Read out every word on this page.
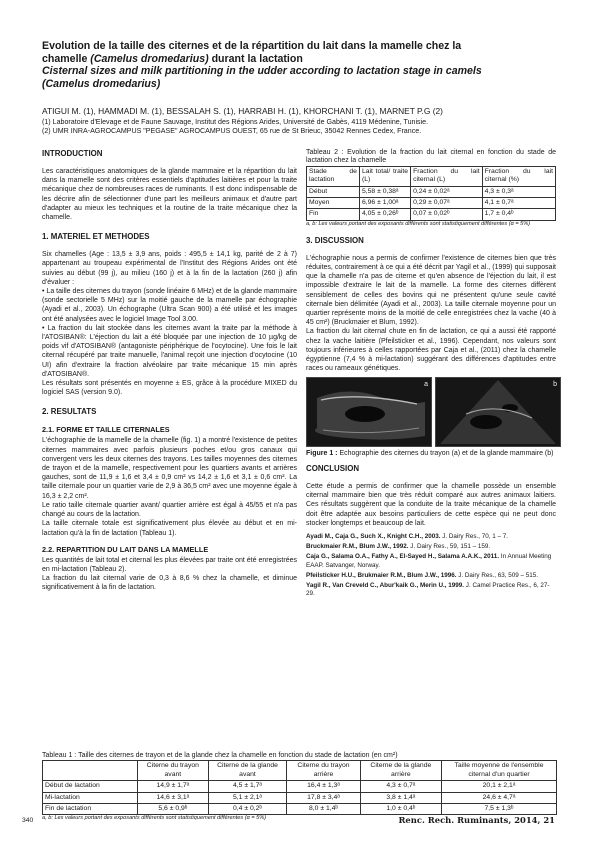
Evolution de la taille des citernes et de la répartition du lait dans la mamelle chez la
chamelle (Camelus dromedarius) durant la lactation
Cisternal sizes and milk partitioning in the udder according to lactation stage in camels
(Camelus dromedarius)
ATIGUI M. (1), HAMMADI M. (1), BESSALAH S. (1), HARRABI H. (1), KHORCHANI T. (1), MARNET P.G (2)
(1) Laboratoire d'Elevage et de Faune Sauvage, Institut des Régions Arides, Université de Gabès, 4119 Médenine, Tunisie.
(2) UMR INRA-AGROCAMPUS "PEGASE" AGROCAMPUS OUEST, 65 rue de St Brieuc, 35042 Rennes Cedex, France.
INTRODUCTION

Les caractéristiques anatomiques de la glande mammaire et la répartition du lait dans la mamelle sont des critères essentiels d'aptitudes laitières et pour la traite mécanique chez de nombreuses races de ruminants. Il est donc indispensable de les décrire afin de sélectionner d'une part les meilleurs animaux et d'autre part d'adapter au mieux les techniques et la routine de la traite mécanique chez la chamelle.

1. MATERIEL ET METHODES

Six chamelles (Age : 13,5 ± 3,9 ans, poids : 495,5 ± 14,1 kg, parité de 2 à 7) appartenant au troupeau expérimental de l'Institut des Régions Arides ont été suivies au début (99 j), au milieu (160 j) et à la fin de la lactation (260 j) afin d'évaluer :

• La taille des citernes du trayon (sonde linéaire 6 MHz) et de la glande mammaire (sonde sectorielle 5 MHz) sur la moitié gauche de la mamelle par échographie (Ayadi et al., 2003). Un échographe (Ultra Scan 900) a été utilisé et les images ont été analysées avec le logiciel Image Tool 3.00.

• La fraction du lait stockée dans les citernes avant la traite par la méthode à l'ATOSIBAN®: L'éjection du lait a été bloquée par une injection de 10 µg/kg de poids vif d'ATOSIBAN® (antagoniste périphérique de l'ocytocine). Une fois le lait citernal récupéré par traite manuelle, l'animal reçoit une injection d'ocytocine (10 UI) afin d'extraire la fraction alvéolaire par traite mécanique 15 min après d'ATOSIBAN®.

Les résultats sont présentés en moyenne ± ES, grâce à la procédure MIXED du logiciel SAS (version 9.0).

2. RESULTATS
2.1. FORME ET TAILLE CITERNALES

L'échographie de la mamelle de la chamelle (fig. 1) a montré l'existence de petites citernes mammaires avec parfois plusieurs poches et/ou gros canaux qui convergent vers les deux citernes des trayons. Les tailles moyennes des citernes de trayon et de la mamelle, respectivement pour les quartiers avants et arrières gauches, sont de 11,9 ± 1,6 et 3,4 ± 0,9 cm² vs 14,2 ± 1,6 et 3,1 ± 0,6 cm². La taille citernale pour un quartier varie de 2,9 à 36,5 cm² avec une moyenne égale à 16,3 ± 2,2 cm².

Le ratio taille citernale quartier avant/ quartier arrière est égal à 45/55 et n'a pas changé au cours de la lactation.

La taille citernale totale est significativement plus élevée au début et en mi-lactation qu'à la fin de lactation (Tableau 1).

2.2. REPARTITION DU LAIT DANS LA MAMELLE

Les quantités de lait total et citernal les plus élevées par traite ont été enregistrées en mi-lactation (Tableau 2).

La fraction du lait citernal varie de 0,3 à 8,6 % chez la chamelle, et diminue significativement à la fin de lactation.

Tableau 2 : Evolution de la fraction du lait citernal en fonction du stade de lactation chez la chamelle
Stade de lactation	Lait total/ traite (L)	Fraction du lait citernal (L)	Fraction du lait citernal (%)
Début	5,58 ± 0,38ᵃ	0,24 ± 0,02ᵃ	4,3 ± 0,3ᵃ
Moyen	6,96 ± 1,00ᵃ	0,29 ± 0,07ᵃ	4,1 ± 0,7ᵃ
Fin	4,05 ± 0,26ᵇ	0,07 ± 0,02ᵇ	1,7 ± 0,4ᵇ
a, b: Les valeurs portant des exposants différents sont statistiquement différentes (α = 5%)
3. DISCUSSION

L'échographie nous a permis de confirmer l'existence de citernes bien que très réduites, contrairement à ce qui a été décrit par Yagil et al., (1999) qui supposait que la chamelle n'a pas de citerne et qu'en absence de l'éjection du lait, il est impossible d'extraire le lait de la mamelle. La forme des citernes diffèrent sensiblement de celles des bovins qui ne présentent qu'une seule cavité citernale bien délimitée (Ayadi et al., 2003). La taille citernale moyenne pour un quartier représente moins de la moitié de celle enregistrées chez la vache (40 à 45 cm²) (Bruckmaier et Blum, 1992).

La fraction du lait citernal chute en fin de lactation, ce qui a aussi été rapporté chez la vache laitière (Pfeilsticker et al., 1996). Cependant, nos valeurs sont toujours inférieures à celles rapportées par Caja et al., (2011) chez la chamelle égyptienne (7,4 % à mi-lactation) suggérant des différences d'aptitudes entre races ou rameaux génétiques.

a	b
Figure 1 : Echographie des citernes du trayon (a) et de la glande mammaire (b)
CONCLUSION

Cette étude a permis de confirmer que la chamelle possède un ensemble citernal mammaire bien que très réduit comparé aux autres animaux laitiers. Ces résultats suggèrent que la conduite de la traite mécanique de la chamelle doit être adaptée aux besoins particuliers de cette espèce qui ne peut donc stocker longtemps et beaucoup de lait.

Ayadi M., Caja G., Such X., Knight C.H., 2003. J. Dairy Res., 70, 1 – 7.
Bruckmaier R.M., Blum J.W., 1992. J. Dairy Res., 59, 151 – 159.
Caja G., Salama O.A., Fathy A., El-Sayed H., Salama A.A.K., 2011. In Annual Meeting EAAP. Satvanger, Norway.
Pfeilsticker H.U., Brukmaier R.M., Blum J.W., 1996. J. Dairy Res., 63, 509 – 515.
Yagil R., Van Creveld C., Abur'kaik G., Merin U., 1999. J. Camel Practice Res., 6, 27-29.
Tableau 1 : Taille des citernes de trayon et de la glande chez la chamelle en fonction du stade de lactation (en cm²)
	Citerne du trayon avant	Citerne de la glande avant	Citerne du trayon arrière	Citerne de la glande arrière	Taille moyenne de l'ensemble citernal d'un quartier
Début de lactation	14,9 ± 1,7ᵃ	4,5 ± 1,7ᵃ	16,4 ± 1,3ᵃ	4,3 ± 0,7ᵃ	20,1 ± 2,1ᵃ
Mi-lactation	14,6 ± 3,1ᵃ	5,1 ± 2,1ᵃ	17,8 ± 3,4ᵃ	3,8 ± 1,4ᵃ	24,6 ± 4,7ᵃ
Fin de lactation	5,6 ± 0,9ᵇ	0,4 ± 0,2ᵇ	8,0 ± 1,4ᵇ	1,0 ± 0,4ᵇ	7,5 ± 1,3ᵇ
a, b: Les valeurs portant des exposants différents sont statistiquement différentes (α = 5%)
340	Renc. Rech. Ruminants, 2014, 21
